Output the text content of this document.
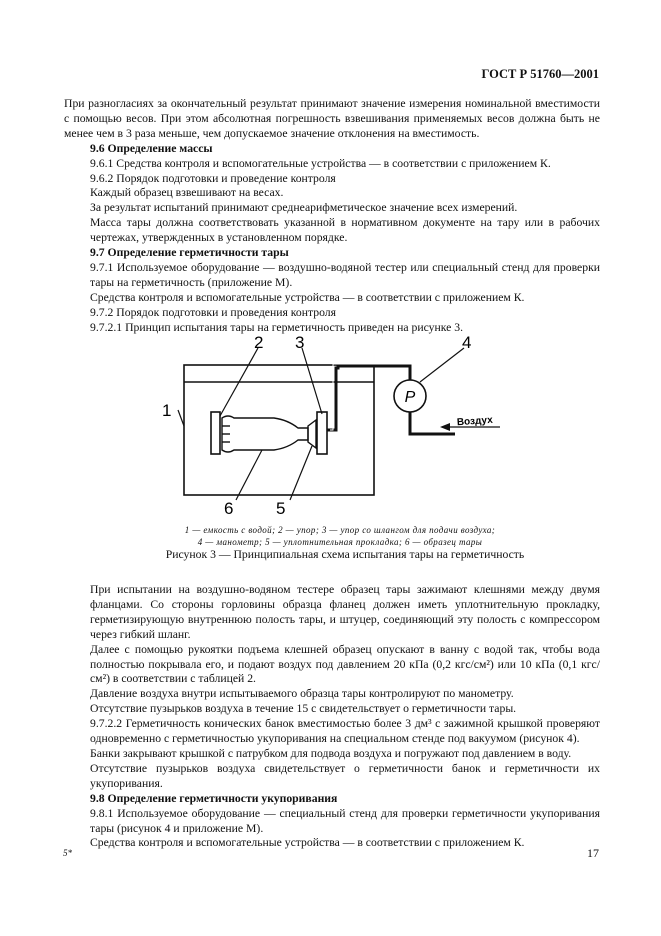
ГОСТ Р 51760—2001

При разногласиях за окончательный результат принимают значение измерения номинальной вместимости с помощью весов. При этом абсолютная погрешность взвешивания применяемых весов должна быть не менее чем в 3 раза меньше, чем допускаемое значение отклонения на вместимость.

9.6 Определение массы

9.6.1 Средства контроля и вспомогательные устройства — в соответствии с приложением К.

9.6.2 Порядок подготовки и проведение контроля

Каждый образец взвешивают на весах.

За результат испытаний принимают среднеарифметическое значение всех измерений.

Масса тары должна соответствовать указанной в нормативном документе на тару или в рабочих чертежах, утвержденных в установленном порядке.

9.7 Определение герметичности тары

9.7.1 Используемое оборудование — воздушно-водяной тестер или специальный стенд для проверки тары на герметичность (приложение М).

Средства контроля и вспомогательные устройства — в соответствии с приложением К.

9.7.2 Порядок подготовки и проведения контроля

9.7.2.1 Принцип испытания тары на герметичность приведен на рисунке 3.

P
Воздух
1
2 3	4
5
6
1 — емкость с водой; 2 — упор; 3 — упор со шлангом для подачи воздуха;
4 — манометр; 5 — уплотнительная прокладка; 6 — образец тары
Рисунок 3 — Принципиальная схема испытания тары на герметичность

При испытании на воздушно-водяном тестере образец тары зажимают клешнями между двумя фланцами. Со стороны горловины образца фланец должен иметь уплотнительную прокладку, герметизирующую внутреннюю полость тары, и штуцер, соединяющий эту полость с компрессором через гибкий шланг.

Далее с помощью рукоятки подъема клешней образец опускают в ванну с водой так, чтобы вода полностью покрывала его, и подают воздух под давлением 20 кПа (0,2 кгс/см²) или 10 кПа (0,1 кгс/см²) в соответствии с таблицей 2.

Давление воздуха внутри испытываемого образца тары контролируют по манометру.

Отсутствие пузырьков воздуха в течение 15 с свидетельствует о герметичности тары.

9.7.2.2 Герметичность конических банок вместимостью более 3 дм³ с зажимной крышкой проверяют одновременно с герметичностью укупоривания на специальном стенде под вакуумом (рисунок 4).

Банки закрывают крышкой с патрубком для подвода воздуха и погружают под давлением в воду.

Отсутствие пузырьков воздуха свидетельствует о герметичности банок и герметичности их укупоривания.

9.8 Определение герметичности укупоривания

9.8.1 Используемое оборудование — специальный стенд для проверки герметичности укупоривания тары (рисунок 4 и приложение М).

Средства контроля и вспомогательные устройства — в соответствии с приложением К.

5*	17
